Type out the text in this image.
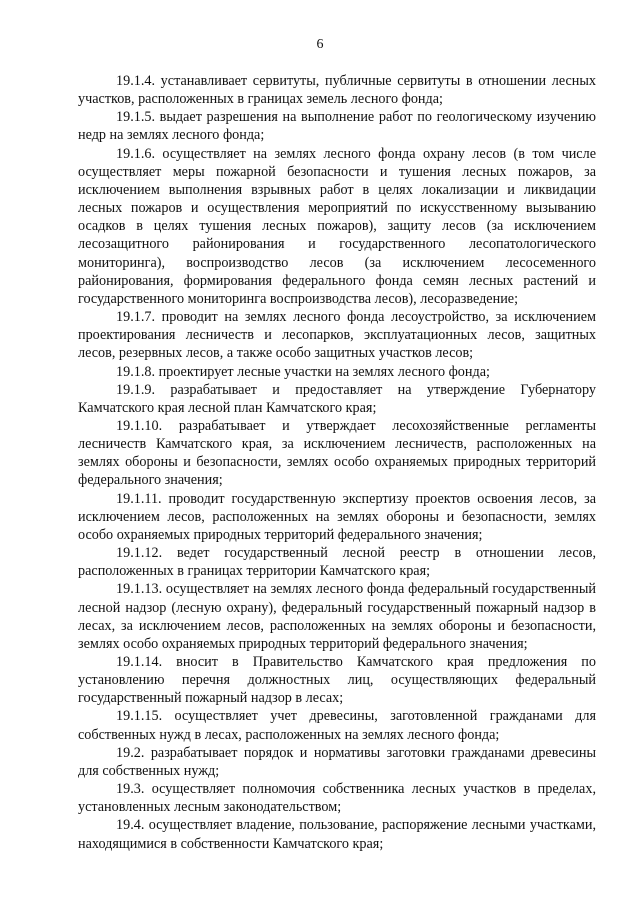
6

19.1.4. устанавливает сервитуты, публичные сервитуты в отношении лесных участков, расположенных в границах земель лесного фонда;

19.1.5. выдает разрешения на выполнение работ по геологическому изучению недр на землях лесного фонда;

19.1.6. осуществляет на землях лесного фонда охрану лесов (в том числе осуществляет меры пожарной безопасности и тушения лесных пожаров, за исключением выполнения взрывных работ в целях локализации и ликвидации лесных пожаров и осуществления мероприятий по искусственному вызыванию осадков в целях тушения лесных пожаров), защиту лесов (за исключением лесозащитного районирования и государственного лесопатологического мониторинга), воспроизводство лесов (за исключением лесосеменного районирования, формирования федерального фонда семян лесных растений и государственного мониторинга воспроизводства лесов), лесоразведение;

19.1.7. проводит на землях лесного фонда лесоустройство, за исключением проектирования лесничеств и лесопарков, эксплуатационных лесов, защитных лесов, резервных лесов, а также особо защитных участков лесов;

19.1.8. проектирует лесные участки на землях лесного фонда;

19.1.9. разрабатывает и предоставляет на утверждение Губернатору Камчатского края лесной план Камчатского края;

19.1.10. разрабатывает и утверждает лесохозяйственные регламенты лесничеств Камчатского края, за исключением лесничеств, расположенных на землях обороны и безопасности, землях особо охраняемых природных территорий федерального значения;

19.1.11. проводит государственную экспертизу проектов освоения лесов, за исключением лесов, расположенных на землях обороны и безопасности, землях особо охраняемых природных территорий федерального значения;

19.1.12. ведет государственный лесной реестр в отношении лесов, расположенных в границах территории Камчатского края;

19.1.13. осуществляет на землях лесного фонда федеральный государственный лесной надзор (лесную охрану), федеральный государственный пожарный надзор в лесах, за исключением лесов, расположенных на землях обороны и безопасности, землях особо охраняемых природных территорий федерального значения;

19.1.14. вносит в Правительство Камчатского края предложения по установлению перечня должностных лиц, осуществляющих федеральный государственный пожарный надзор в лесах;

19.1.15. осуществляет учет древесины, заготовленной гражданами для собственных нужд в лесах, расположенных на землях лесного фонда;

19.2. разрабатывает порядок и нормативы заготовки гражданами древесины для собственных нужд;

19.3. осуществляет полномочия собственника лесных участков в пределах, установленных лесным законодательством;

19.4. осуществляет владение, пользование, распоряжение лесными участками, находящимися в собственности Камчатского края;
